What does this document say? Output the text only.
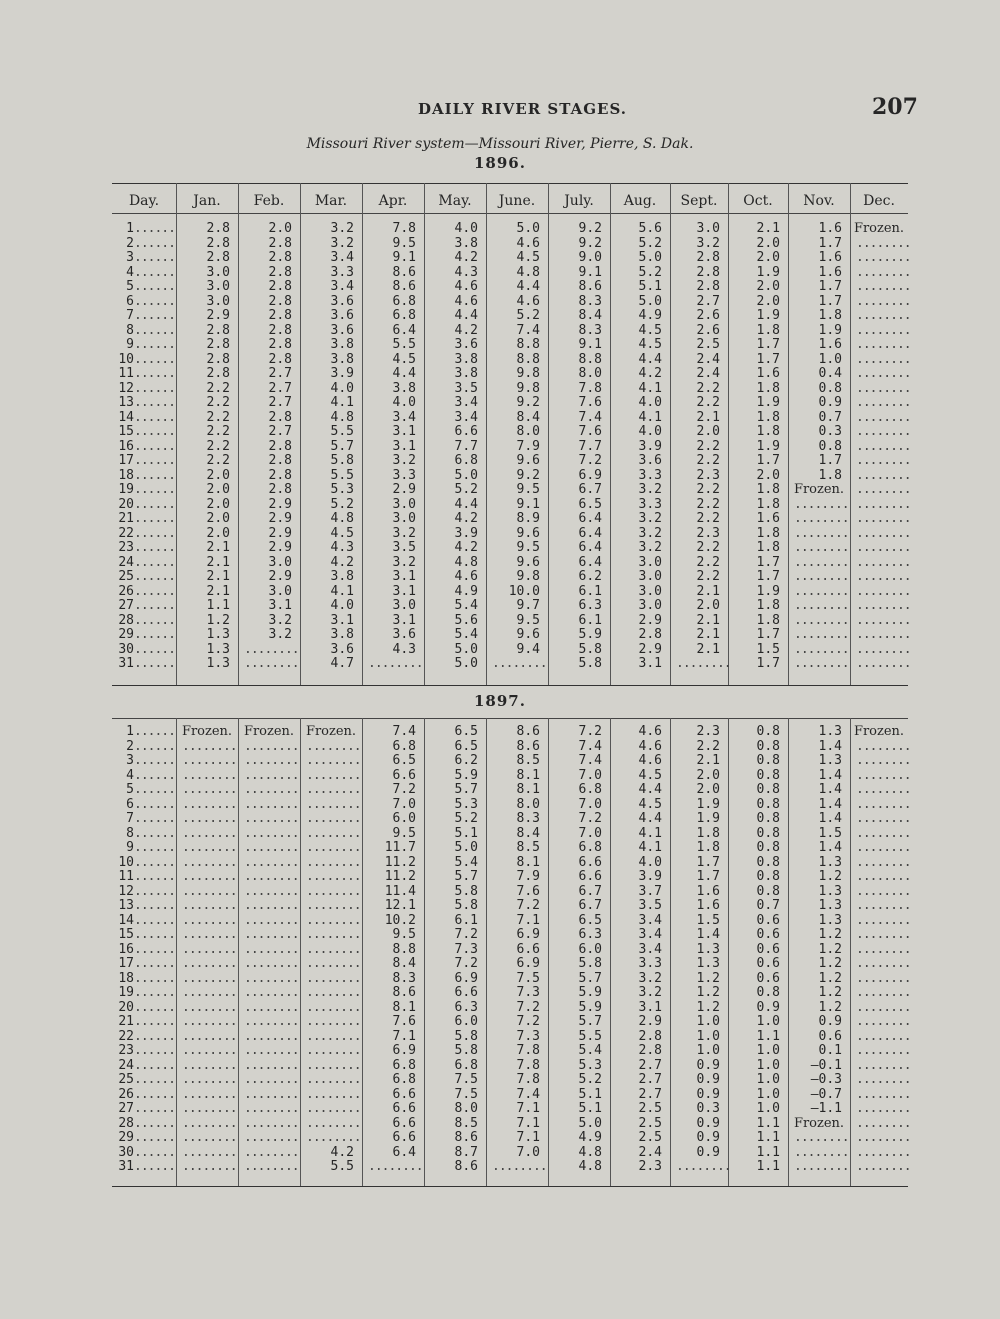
DAILY RIVER STAGES.	207
Missouri River system—Missouri River, Pierre, S. Dak.
1896.
1897.
Day.	Jan.	Feb.	Mar.	Apr.	May.	June.	July.	Aug.	Sept.	Oct.	Nov.	Dec.
1......	2.8	2.0	3.2	7.8	4.0	5.0	9.2	5.6	3.0	2.1	1.6 Frozen.
2......	2.8	2.8	3.2	9.5	3.8	4.6	9.2	5.2	3.2	2.0	1.7 ........
3......	2.8	2.8	3.4	9.1	4.2	4.5	9.0	5.0	2.8	2.0	1.6 ........
4......	3.0	2.8	3.3	8.6	4.3	4.8	9.1	5.2	2.8	1.9	1.6 ........
5......	3.0	2.8	3.4	8.6	4.6	4.4	8.6	5.1	2.8	2.0	1.7 ........
6......	3.0	2.8	3.6	6.8	4.6	4.6	8.3	5.0	2.7	2.0	1.7 ........
7......	2.9	2.8	3.6	6.8	4.4	5.2	8.4	4.9	2.6	1.9	1.8 ........
8......	2.8	2.8	3.6	6.4	4.2	7.4	8.3	4.5	2.6	1.8	1.9 ........
9......	2.8	2.8	3.8	5.5	3.6	8.8	9.1	4.5	2.5	1.7	1.6 ........
10......	2.8	2.8	3.8	4.5	3.8	8.8	8.8	4.4	2.4	1.7	1.0 ........
11......	2.8	2.7	3.9	4.4	3.8	9.8	8.0	4.2	2.4	1.6	0.4 ........
12......	2.2	2.7	4.0	3.8	3.5	9.8	7.8	4.1	2.2	1.8	0.8 ........
13......	2.2	2.7	4.1	4.0	3.4	9.2	7.6	4.0	2.2	1.9	0.9 ........
14......	2.2	2.8	4.8	3.4	3.4	8.4	7.4	4.1	2.1	1.8	0.7 ........
15......	2.2	2.7	5.5	3.1	6.6	8.0	7.6	4.0	2.0	1.8	0.3 ........
16......	2.2	2.8	5.7	3.1	7.7	7.9	7.7	3.9	2.2	1.9	0.8 ........
17......	2.2	2.8	5.8	3.2	6.8	9.6	7.2	3.6	2.2	1.7	1.7 ........
18......	2.0	2.8	5.5	3.3	5.0	9.2	6.9	3.3	2.3	2.0	1.8 ........
19......	2.0	2.8	5.3	2.9	5.2	9.5	6.7	3.2	2.2	1.8	Frozen. ........
20......	2.0	2.9	5.2	3.0	4.4	9.1	6.5	3.3	2.2	1.8 ........ ........
21......	2.0	2.9	4.8	3.0	4.2	8.9	6.4	3.2	2.2	1.6 ........ ........
22......	2.0	2.9	4.5	3.2	3.9	9.6	6.4	3.2	2.3	1.8 ........ ........
23......	2.1	2.9	4.3	3.5	4.2	9.5	6.4	3.2	2.2	1.8 ........ ........
24......	2.1	3.0	4.2	3.2	4.8	9.6	6.4	3.0	2.2	1.7 ........ ........
25......	2.1	2.9	3.8	3.1	4.6	9.8	6.2	3.0	2.2	1.7 ........ ........
26......	2.1	3.0	4.1	3.1	4.9	10.0	6.1	3.0	2.1	1.9 ........ ........
27......	1.1	3.1	4.0	3.0	5.4	9.7	6.3	3.0	2.0	1.8 ........ ........
28......	1.2	3.2	3.1	3.1	5.6	9.5	6.1	2.9	2.1	1.8 ........ ........
29......	1.3	3.2	3.8	3.6	5.4	9.6	5.9	2.8	2.1	1.7 ........ ........
30......	1.3 ........	3.6	4.3	5.0	9.4	5.8	2.9	2.1	1.5 ........ ........
31......	1.3 ........	4.7 ........	5.0 ........	5.8	3.1 ........	1.7 ........ ........
1...... Frozen. Frozen. Frozen.	7.4	6.5	8.6	7.2	4.6	2.3	0.8	1.3 Frozen.
2...... ........ ........ ........	6.8	6.5	8.6	7.4	4.6	2.2	0.8	1.4 ........
3...... ........ ........ ........	6.5	6.2	8.5	7.4	4.6	2.1	0.8	1.3 ........
4...... ........ ........ ........	6.6	5.9	8.1	7.0	4.5	2.0	0.8	1.4 ........
5...... ........ ........ ........	7.2	5.7	8.1	6.8	4.4	2.0	0.8	1.4 ........
6...... ........ ........ ........	7.0	5.3	8.0	7.0	4.5	1.9	0.8	1.4 ........
7...... ........ ........ ........	6.0	5.2	8.3	7.2	4.4	1.9	0.8	1.4 ........
8...... ........ ........ ........	9.5	5.1	8.4	7.0	4.1	1.8	0.8	1.5 ........
9...... ........ ........ ........	11.7	5.0	8.5	6.8	4.1	1.8	0.8	1.4 ........
10...... ........ ........ ........	11.2	5.4	8.1	6.6	4.0	1.7	0.8	1.3 ........
11...... ........ ........ ........	11.2	5.7	7.9	6.6	3.9	1.7	0.8	1.2 ........
12...... ........ ........ ........	11.4	5.8	7.6	6.7	3.7	1.6	0.8	1.3 ........
13...... ........ ........ ........	12.1	5.8	7.2	6.7	3.5	1.6	0.7	1.3 ........
14...... ........ ........ ........	10.2	6.1	7.1	6.5	3.4	1.5	0.6	1.3 ........
15...... ........ ........ ........	9.5	7.2	6.9	6.3	3.4	1.4	0.6	1.2 ........
16...... ........ ........ ........	8.8	7.3	6.6	6.0	3.4	1.3	0.6	1.2 ........
17...... ........ ........ ........	8.4	7.2	6.9	5.8	3.3	1.3	0.6	1.2 ........
18...... ........ ........ ........	8.3	6.9	7.5	5.7	3.2	1.2	0.6	1.2 ........
19...... ........ ........ ........	8.6	6.6	7.3	5.9	3.2	1.2	0.8	1.2 ........
20...... ........ ........ ........	8.1	6.3	7.2	5.9	3.1	1.2	0.9	1.2 ........
21...... ........ ........ ........	7.6	6.0	7.2	5.7	2.9	1.0	1.0	0.9 ........
22...... ........ ........ ........	7.1	5.8	7.3	5.5	2.8	1.0	1.1	0.6 ........
23...... ........ ........ ........	6.9	5.8	7.8	5.4	2.8	1.0	1.0	0.1 ........
24...... ........ ........ ........	6.8	6.8	7.8	5.3	2.7	0.9	1.0	—0.1 ........
25...... ........ ........ ........	6.8	7.5	7.8	5.2	2.7	0.9	1.0	—0.3 ........
26...... ........ ........ ........	6.6	7.5	7.4	5.1	2.7	0.9	1.0	—0.7 ........
27...... ........ ........ ........	6.6	8.0	7.1	5.1	2.5	0.3	1.0	—1.1 ........
28...... ........ ........ ........	6.6	8.5	7.1	5.0	2.5	0.9	1.1	Frozen. ........
29...... ........ ........ ........	6.6	8.6	7.1	4.9	2.5	0.9	1.1 ........ ........
30...... ........ ........	4.2	6.4	8.7	7.0	4.8	2.4	0.9	1.1 ........ ........
31...... ........ ........	5.5 ........	8.6 ........	4.8	2.3 ........	1.1 ........ ........
